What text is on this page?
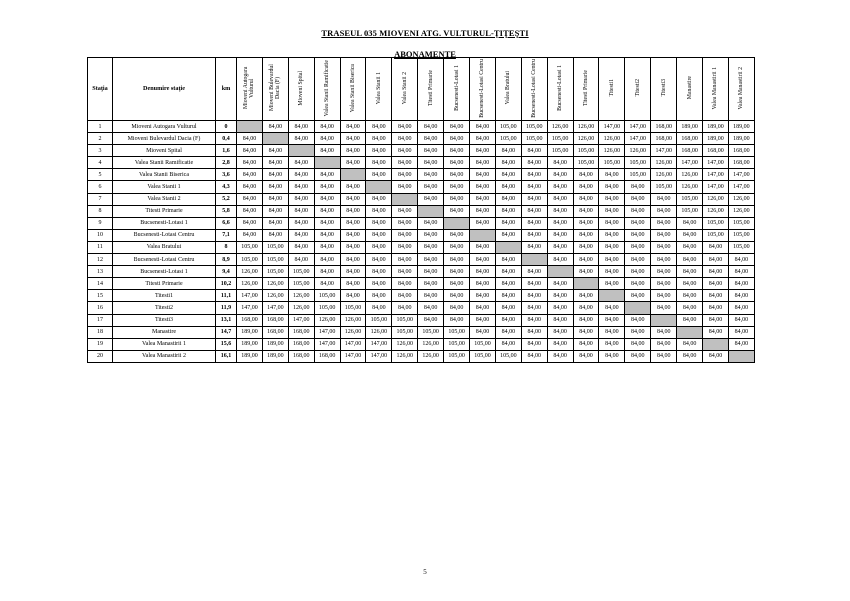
TRASEUL 035 MIOVENI ATG. VULTURUL-ŢIŢEŞTI
ABONAMENTE
Staţia	Denumire staţie	km	Mioveni Autogara Vulturul	Mioveni Bulevardul Dacia (F)	Mioveni Spital	Valea Stanii Ramificatie	Valea Stanii Biserica	Valea Stanii 1	Valea Stanii 2	Titesti Primarie	Bucsenesti-Lotasi 1	Bucsenesti-Lotasi Centru	Valea Bratului	Bucsenesti-Lotasi Centru	Bucsenesti-Lotasi 1	Titesti Primarie	Titesti1	Titesti2	Titesti3	Manastire	Valea Manastirii 1	Valea Manastirii 2
1	Mioveni Autogara Vulturul	0		84,00	84,00	84,00	84,00	84,00	84,00	84,00	84,00	84,00	105,00	105,00	126,00	126,00	147,00	147,00	168,00	189,00	189,00	189,00
2	Mioveni Bulevardul Dacia (F)	0,4	84,00		84,00	84,00	84,00	84,00	84,00	84,00	84,00	84,00	105,00	105,00	105,00	126,00	126,00	147,00	168,00	168,00	189,00	189,00
3	Mioveni Spital	1,6	84,00	84,00		84,00	84,00	84,00	84,00	84,00	84,00	84,00	84,00	84,00	105,00	105,00	126,00	126,00	147,00	168,00	168,00	168,00
4	Valea Stanii Ramificatie	2,8	84,00	84,00	84,00		84,00	84,00	84,00	84,00	84,00	84,00	84,00	84,00	84,00	105,00	105,00	105,00	126,00	147,00	147,00	168,00
5	Valea Stanii Biserica	3,6	84,00	84,00	84,00	84,00		84,00	84,00	84,00	84,00	84,00	84,00	84,00	84,00	84,00	84,00	105,00	126,00	126,00	147,00	147,00
6	Valea Stanii 1	4,3	84,00	84,00	84,00	84,00	84,00		84,00	84,00	84,00	84,00	84,00	84,00	84,00	84,00	84,00	84,00	105,00	126,00	147,00	147,00
7	Valea Stanii 2	5,2	84,00	84,00	84,00	84,00	84,00	84,00		84,00	84,00	84,00	84,00	84,00	84,00	84,00	84,00	84,00	84,00	105,00	126,00	126,00
8	Titesti Primarie	5,8	84,00	84,00	84,00	84,00	84,00	84,00	84,00		84,00	84,00	84,00	84,00	84,00	84,00	84,00	84,00	84,00	105,00	126,00	126,00
9	Bucsenesti-Lotasi 1	6,6	84,00	84,00	84,00	84,00	84,00	84,00	84,00	84,00		84,00	84,00	84,00	84,00	84,00	84,00	84,00	84,00	84,00	105,00	105,00
10	Bucsenesti-Lotasi Centru	7,1	84,00	84,00	84,00	84,00	84,00	84,00	84,00	84,00	84,00		84,00	84,00	84,00	84,00	84,00	84,00	84,00	84,00	105,00	105,00
11	Valea Bratului	8	105,00	105,00	84,00	84,00	84,00	84,00	84,00	84,00	84,00	84,00		84,00	84,00	84,00	84,00	84,00	84,00	84,00	84,00	105,00
12	Bucsenesti-Lotasi Centru	8,9	105,00	105,00	84,00	84,00	84,00	84,00	84,00	84,00	84,00	84,00	84,00		84,00	84,00	84,00	84,00	84,00	84,00	84,00	84,00
13	Bucsenesti-Lotasi 1	9,4	126,00	105,00	105,00	84,00	84,00	84,00	84,00	84,00	84,00	84,00	84,00	84,00		84,00	84,00	84,00	84,00	84,00	84,00	84,00
14	Titesti Primarie	10,2	126,00	126,00	105,00	84,00	84,00	84,00	84,00	84,00	84,00	84,00	84,00	84,00	84,00		84,00	84,00	84,00	84,00	84,00	84,00
15	Titesti1	11,1	147,00	126,00	126,00	105,00	84,00	84,00	84,00	84,00	84,00	84,00	84,00	84,00	84,00	84,00		84,00	84,00	84,00	84,00	84,00
16	Titesti2	11,9	147,00	147,00	126,00	105,00	105,00	84,00	84,00	84,00	84,00	84,00	84,00	84,00	84,00	84,00	84,00		84,00	84,00	84,00	84,00
17	Titesti3	13,1	168,00	168,00	147,00	126,00	126,00	105,00	105,00	84,00	84,00	84,00	84,00	84,00	84,00	84,00	84,00	84,00		84,00	84,00	84,00
18	Manastire	14,7	189,00	168,00	168,00	147,00	126,00	126,00	105,00	105,00	105,00	84,00	84,00	84,00	84,00	84,00	84,00	84,00	84,00		84,00	84,00
19	Valea Manastirii 1	15,6	189,00	189,00	168,00	147,00	147,00	147,00	126,00	126,00	105,00	105,00	84,00	84,00	84,00	84,00	84,00	84,00	84,00	84,00		84,00
20	Valea Manastirii 2	16,1	189,00	189,00	168,00	168,00	147,00	147,00	126,00	126,00	105,00	105,00	105,00	84,00	84,00	84,00	84,00	84,00	84,00	84,00	84,00	
5
